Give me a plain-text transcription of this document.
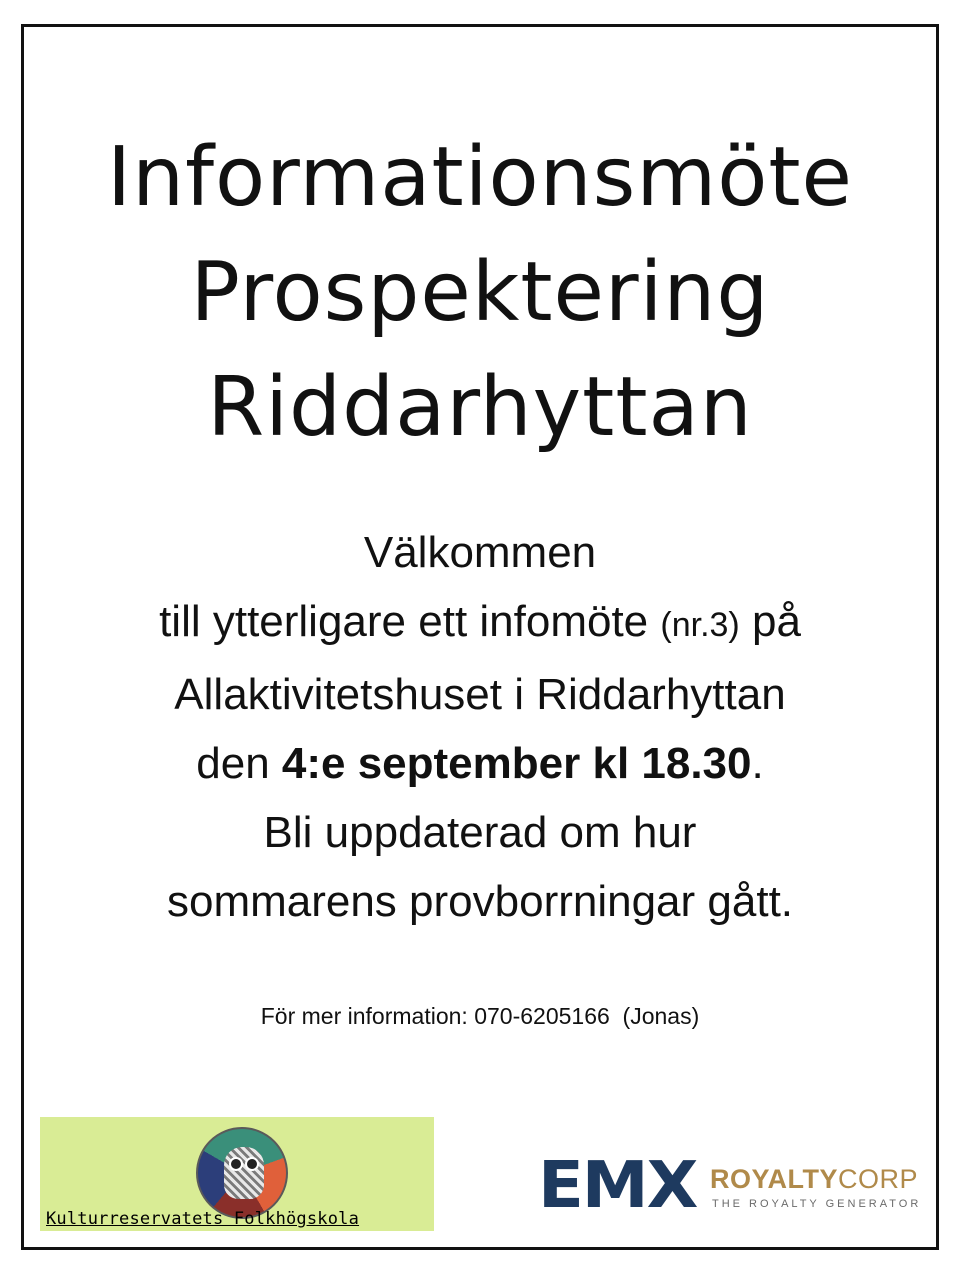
Informationsmöte
Prospektering
Riddarhyttan
Välkommen
till ytterligare ett infomöte (nr.3) på
Allaktivitetshuset i Riddarhyttan
den 4:e september kl 18.30.
Bli uppdaterad om hur
sommarens provborrningar gått.
För mer information: 070-6205166  (Jonas)
Kulturreservatets Folkhögskola	EMX ROYALTYCORP
THE ROYALTY GENERATOR
